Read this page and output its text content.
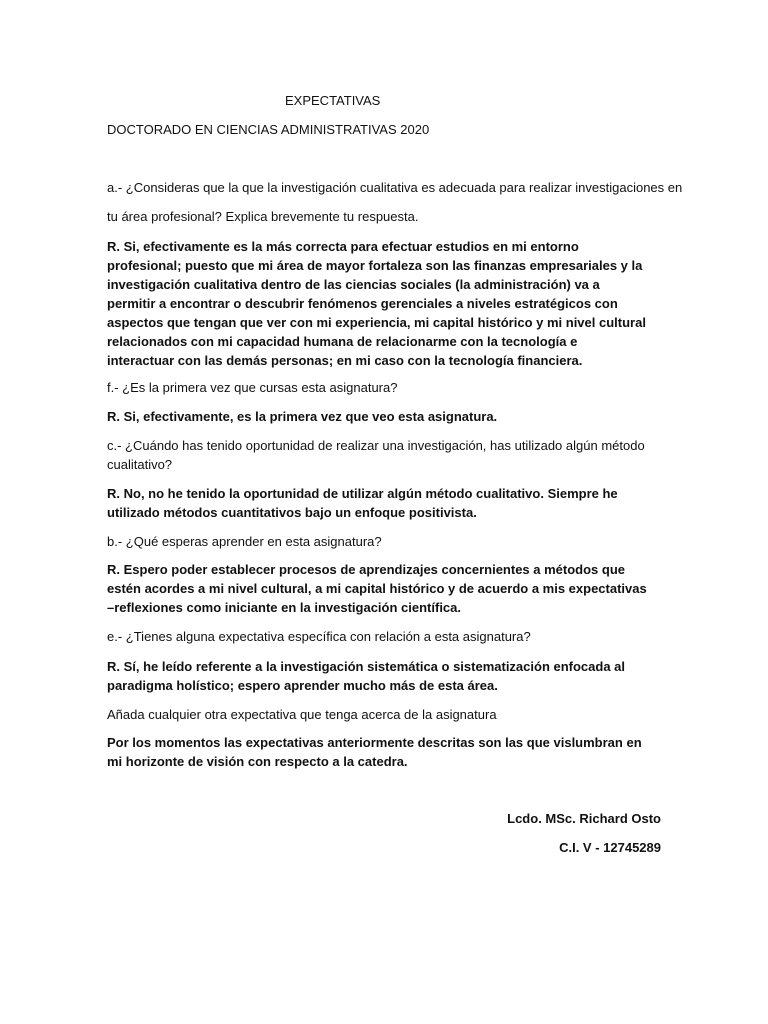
EXPECTATIVAS
DOCTORADO EN CIENCIAS ADMINISTRATIVAS 2020
a.- ¿Consideras que la que la investigación cualitativa es adecuada para realizar investigaciones en
tu área profesional? Explica brevemente tu respuesta.
R. Si, efectivamente es la más correcta para efectuar estudios en mi entorno profesional; puesto que mi área de mayor fortaleza son las finanzas empresariales y la investigación cualitativa dentro de las ciencias sociales (la administración) va a permitir a encontrar o descubrir fenómenos gerenciales a niveles estratégicos con aspectos que tengan que ver con mi experiencia, mi capital histórico y mi nivel cultural relacionados con mi capacidad humana de relacionarme con la tecnología e interactuar con las demás personas; en mi caso con la tecnología financiera.
f.- ¿Es la primera vez que cursas esta asignatura?
R. Si, efectivamente, es la primera vez que veo esta asignatura.
c.- ¿Cuándo has tenido oportunidad de realizar una investigación, has utilizado algún método cualitativo?
R. No, no he tenido la oportunidad de utilizar algún método cualitativo. Siempre he utilizado métodos cuantitativos bajo un enfoque positivista.
b.- ¿Qué esperas aprender en esta asignatura?
R. Espero poder establecer procesos de aprendizajes concernientes a métodos que estén acordes a mi nivel cultural, a mi capital histórico y de acuerdo a mis expectativas –reflexiones como iniciante en la investigación científica.
e.- ¿Tienes alguna expectativa específica con relación a esta asignatura?
R. Sí, he leído referente a la investigación sistemática o sistematización enfocada al paradigma holístico; espero aprender mucho más de esta área.
Añada cualquier otra expectativa que tenga acerca de la asignatura
Por los momentos las expectativas anteriormente descritas son las que vislumbran en mi horizonte de visión con respecto a la catedra.
Lcdo. MSc. Richard Osto
C.I. V - 12745289
